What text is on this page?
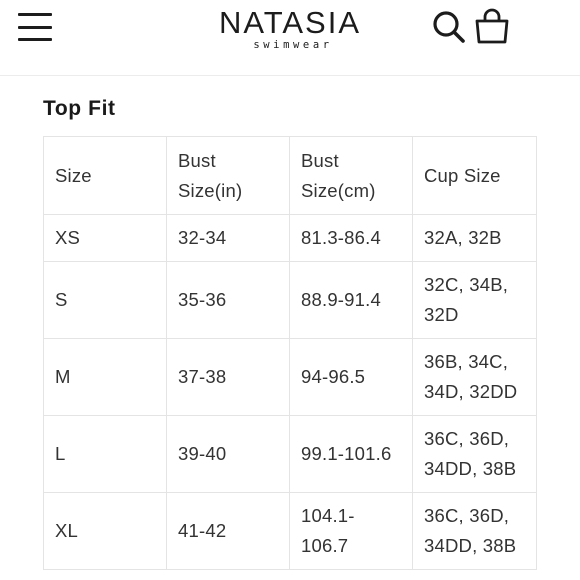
NATASIA
swimwear
Top Fit
Size	Bust Size(in)	Bust Size(cm)	Cup Size
XS	32-34	81.3-86.4	32A, 32B
S	35-36	88.9-91.4	32C, 34B, 32D
M	37-38	94-96.5	36B, 34C, 34D, 32DD
L	39-40	99.1-101.6	36C, 36D, 34DD, 38B
XL	41-42	104.1-106.7	36C, 36D, 34DD, 38B
